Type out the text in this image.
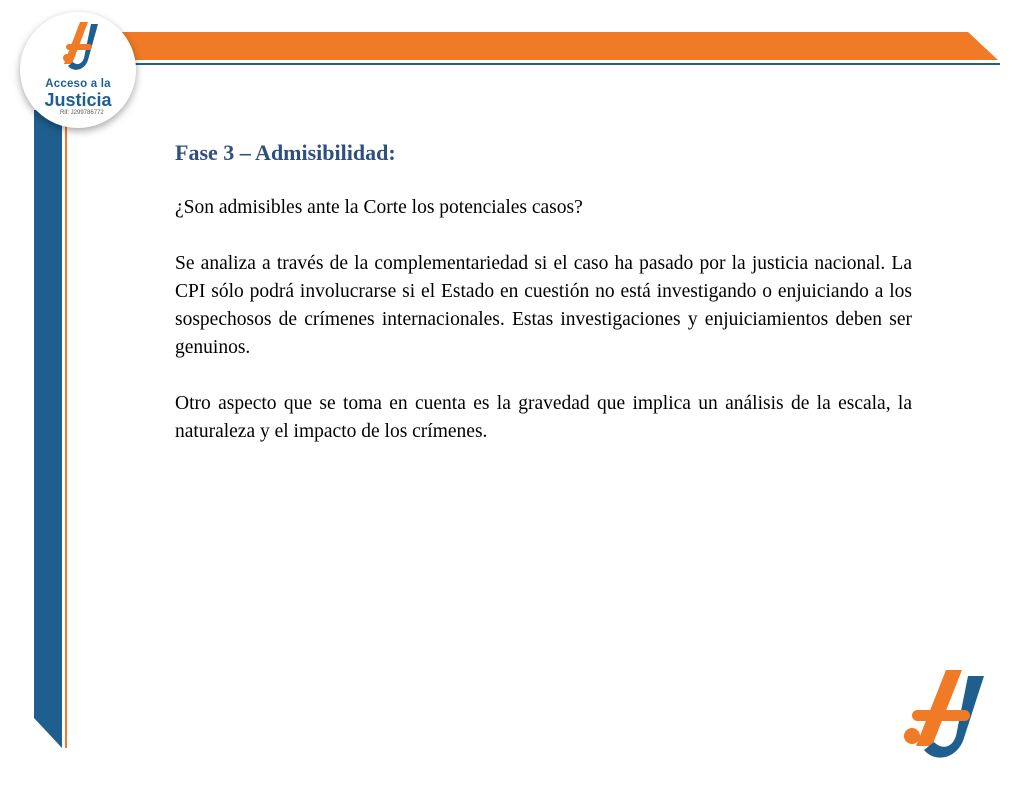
Acceso a la
Justicia
Rif: J299786772
Fase 3 – Admisibilidad:

¿Son admisibles ante la Corte los potenciales casos?

Se analiza a través de la complementariedad si el caso ha pasado por la justicia nacional. La CPI sólo podrá involucrarse si el Estado en cuestión no está investigando o enjuiciando a los sospechosos de crímenes internacionales. Estas investigaciones y enjuiciamientos deben ser genuinos.

Otro aspecto que se toma en cuenta es la gravedad que implica un análisis de la escala, la naturaleza y el impacto de los crímenes.
